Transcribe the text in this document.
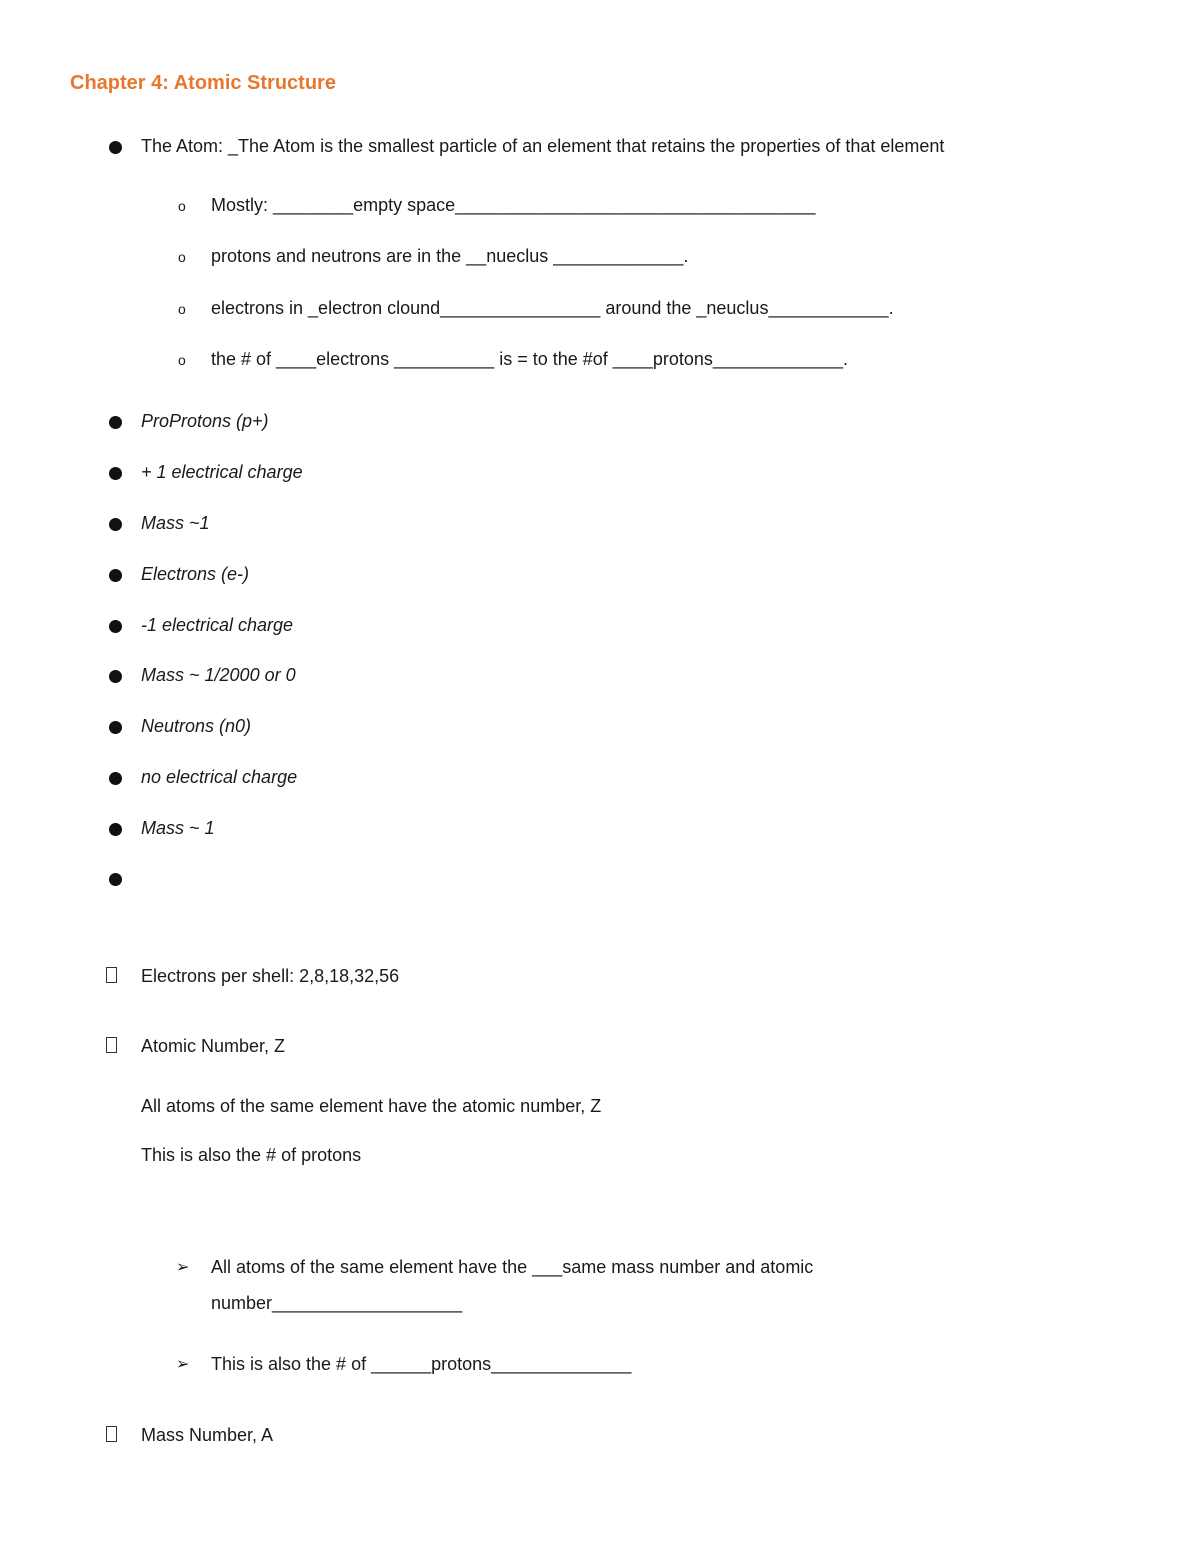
Chapter 4: Atomic Structure
The Atom: _The Atom is the smallest particle of an element that retains the properties of that element
o Mostly: ________empty space____________________________________
o protons and neutrons are in the __nueclus _____________.
o electrons in _electron clound________________ around the _neuclus____________.
o the # of ____electrons __________ is = to the #of ____protons_____________.
ProProtons (p+)
+ 1 electrical charge
Mass ~1
Electrons (e-)
-1 electrical charge
Mass ~ 1/2000 or 0
Neutrons (n0)
no electrical charge
Mass ~ 1
Electrons per shell: 2,8,18,32,56
Atomic Number, Z
All atoms of the same element have the atomic number, Z
This is also the # of protons
➢ All atoms of the same element have the ___same mass number and atomic
number___________________
➢ This is also the # of ______protons______________
Mass Number, A
